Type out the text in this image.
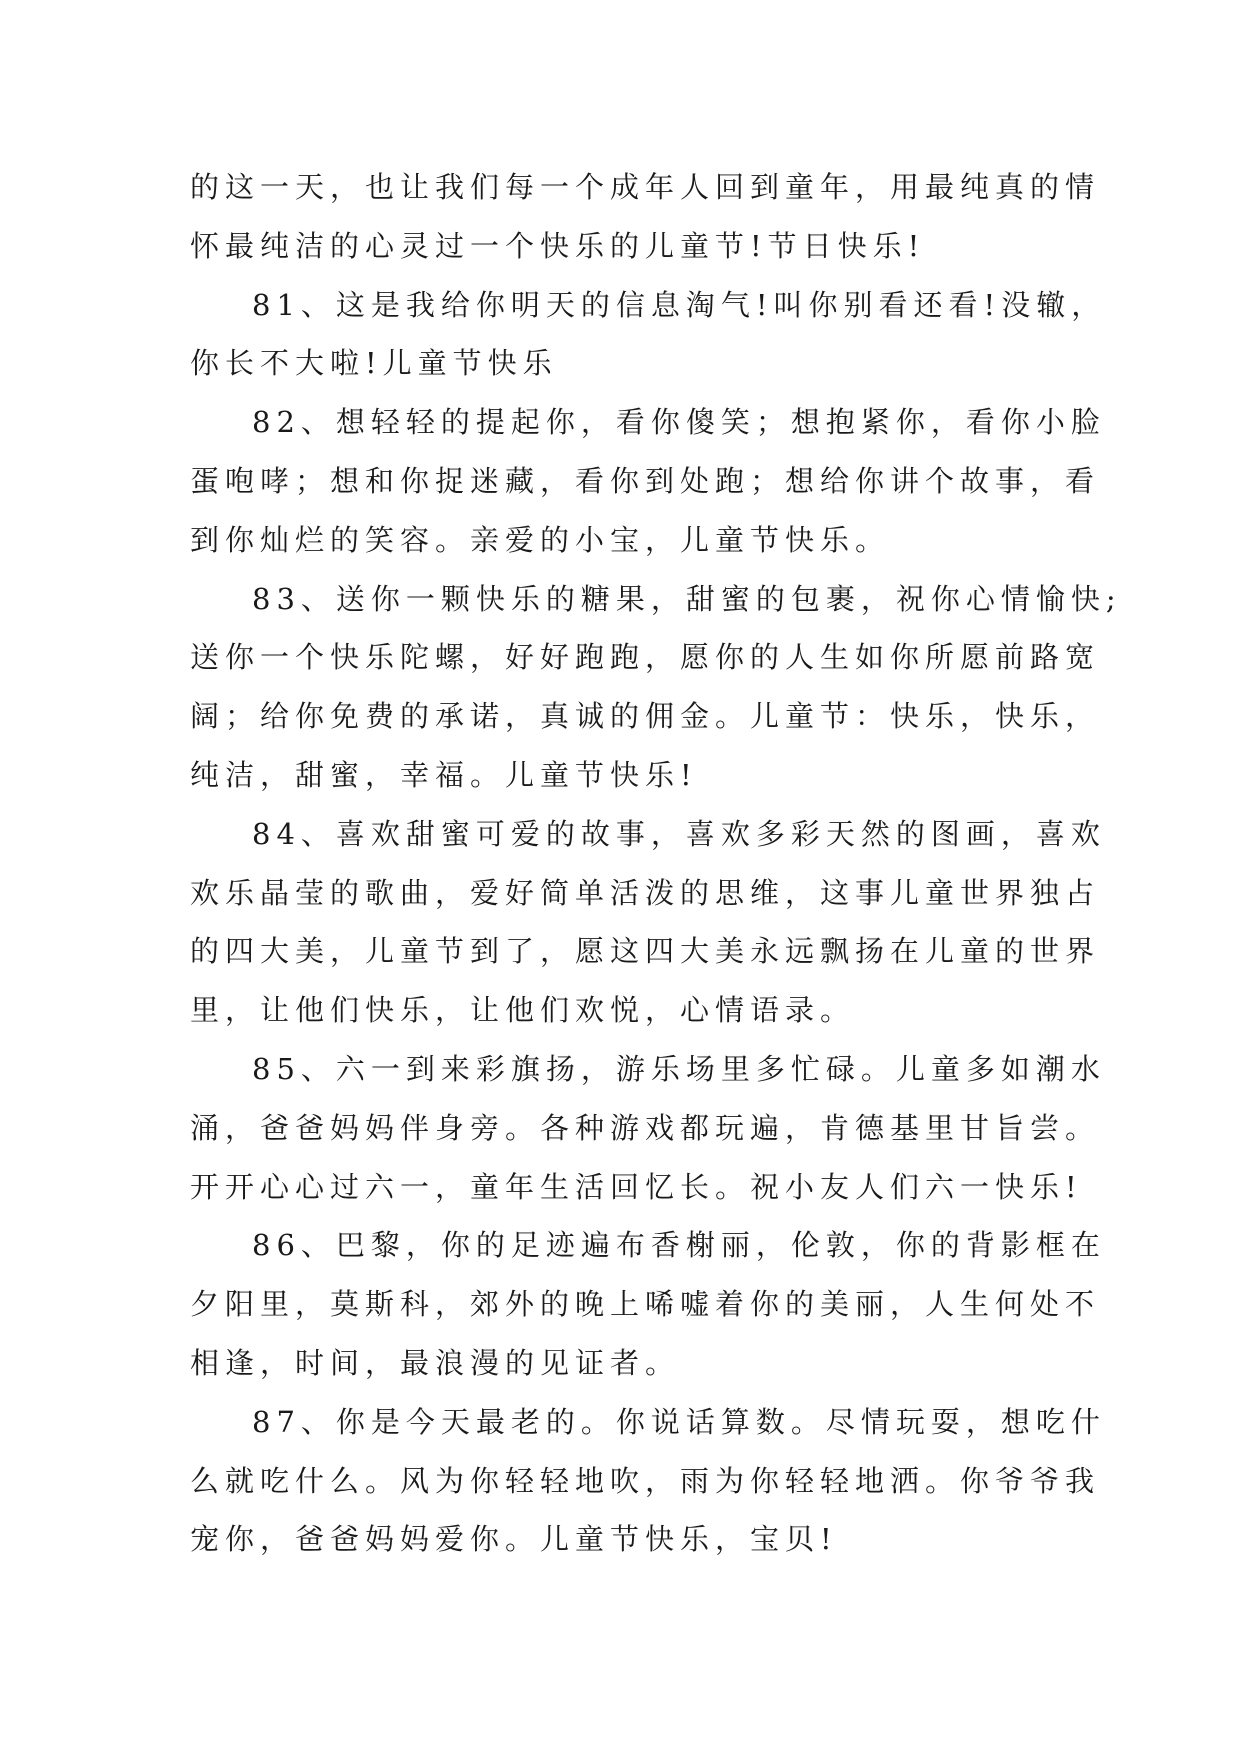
的这一天，也让我们每一个成年人回到童年，用最纯真的情
怀最纯洁的心灵过一个快乐的儿童节!节日快乐!
81、这是我给你明天的信息淘气!叫你别看还看!没辙，
你长不大啦!儿童节快乐
82、想轻轻的提起你，看你傻笑；想抱紧你，看你小脸
蛋咆哮；想和你捉迷藏，看你到处跑；想给你讲个故事，看
到你灿烂的笑容。亲爱的小宝，儿童节快乐。
83、送你一颗快乐的糖果，甜蜜的包裹，祝你心情愉快;
送你一个快乐陀螺，好好跑跑，愿你的人生如你所愿前路宽
阔；给你免费的承诺，真诚的佣金。儿童节：快乐，快乐，
纯洁，甜蜜，幸福。儿童节快乐!
84、喜欢甜蜜可爱的故事，喜欢多彩天然的图画，喜欢
欢乐晶莹的歌曲，爱好简单活泼的思维，这事儿童世界独占
的四大美，儿童节到了，愿这四大美永远飘扬在儿童的世界
里，让他们快乐，让他们欢悦，心情语录。
85、六一到来彩旗扬，游乐场里多忙碌。儿童多如潮水
涌，爸爸妈妈伴身旁。各种游戏都玩遍，肯德基里甘旨尝。
开开心心过六一，童年生活回忆长。祝小友人们六一快乐!
86、巴黎，你的足迹遍布香榭丽，伦敦，你的背影框在
夕阳里，莫斯科，郊外的晚上唏嘘着你的美丽，人生何处不
相逢，时间，最浪漫的见证者。
87、你是今天最老的。你说话算数。尽情玩耍，想吃什
么就吃什么。风为你轻轻地吹，雨为你轻轻地洒。你爷爷我
宠你，爸爸妈妈爱你。儿童节快乐，宝贝!
